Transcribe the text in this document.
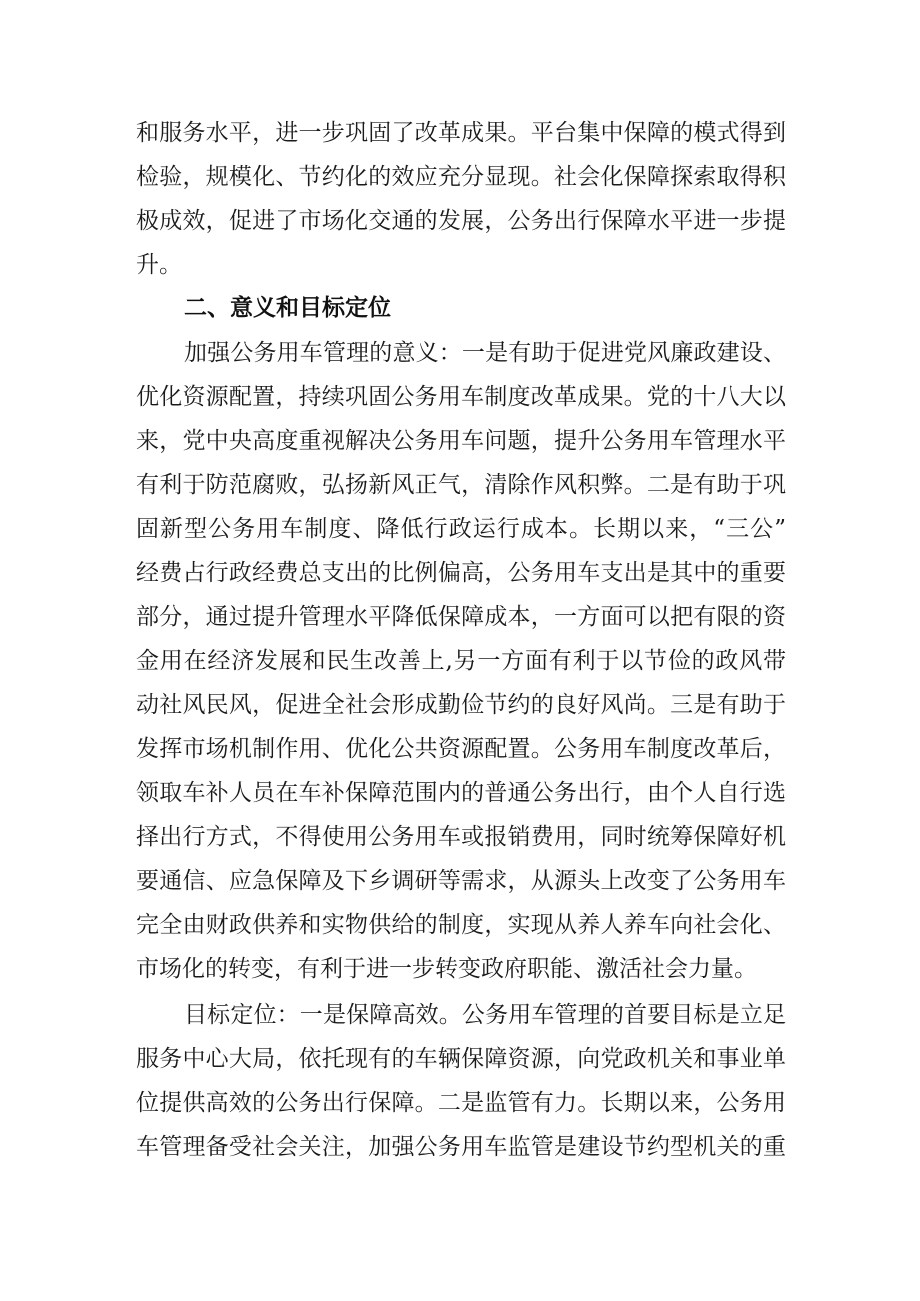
和服务水平，进一步巩固了改革成果。平台集中保障的模式得到
检验，规模化、节约化的效应充分显现。社会化保障探索取得积
极成效，促进了市场化交通的发展，公务出行保障水平进一步提
升。
二、意义和目标定位
加强公务用车管理的意义：一是有助于促进党风廉政建设、
优化资源配置，持续巩固公务用车制度改革成果。党的十八大以
来，党中央高度重视解决公务用车问题，提升公务用车管理水平
有利于防范腐败，弘扬新风正气，清除作风积弊。二是有助于巩
固新型公务用车制度、降低行政运行成本。长期以来，“三公”
经费占行政经费总支出的比例偏高，公务用车支出是其中的重要
部分，通过提升管理水平降低保障成本，一方面可以把有限的资
金用在经济发展和民生改善上,另一方面有利于以节俭的政风带
动社风民风，促进全社会形成勤俭节约的良好风尚。三是有助于
发挥市场机制作用、优化公共资源配置。公务用车制度改革后，
领取车补人员在车补保障范围内的普通公务出行，由个人自行选
择出行方式，不得使用公务用车或报销费用，同时统筹保障好机
要通信、应急保障及下乡调研等需求，从源头上改变了公务用车
完全由财政供养和实物供给的制度，实现从养人养车向社会化、
市场化的转变，有利于进一步转变政府职能、激活社会力量。
目标定位：一是保障高效。公务用车管理的首要目标是立足
服务中心大局，依托现有的车辆保障资源，向党政机关和事业单
位提供高效的公务出行保障。二是监管有力。长期以来，公务用
车管理备受社会关注，加强公务用车监管是建设节约型机关的重
